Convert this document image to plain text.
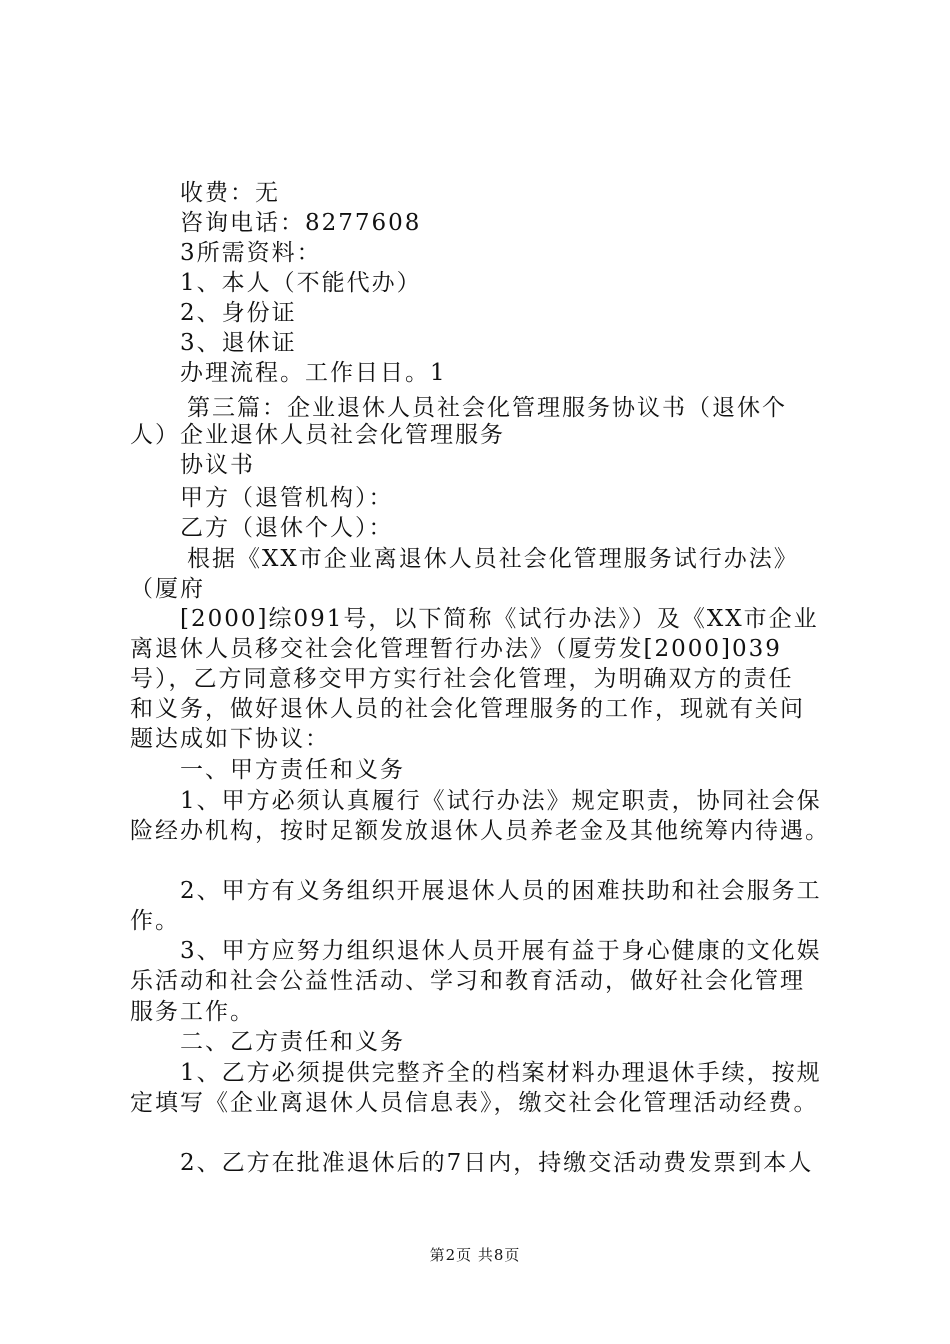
收费：无
咨询电话：8277608
3所需资料：
1、本人（不能代办）
2、身份证
3、退休证
办理流程。工作日日。1
第三篇：企业退休人员社会化管理服务协议书（退休个
人）企业退休人员社会化管理服务
协议书
甲方（退管机构）：
乙方（退休个人）：
根据《XX市企业离退休人员社会化管理服务试行办法》
（厦府
[2000]综091号，以下简称《试行办法》）及《XX市企业
离退休人员移交社会化管理暂行办法》（厦劳发[2000]039
号），乙方同意移交甲方实行社会化管理，为明确双方的责任
和义务，做好退休人员的社会化管理服务的工作，现就有关问
题达成如下协议：
一、甲方责任和义务
1、甲方必须认真履行《试行办法》规定职责，协同社会保
险经办机构，按时足额发放退休人员养老金及其他统筹内待遇。
2、甲方有义务组织开展退休人员的困难扶助和社会服务工
作。
3、甲方应努力组织退休人员开展有益于身心健康的文化娱
乐活动和社会公益性活动、学习和教育活动，做好社会化管理
服务工作。
二、乙方责任和义务
1、乙方必须提供完整齐全的档案材料办理退休手续，按规
定填写《企业离退休人员信息表》，缴交社会化管理活动经费。
2、乙方在批准退休后的7日内，持缴交活动费发票到本人
第2页 共8页
